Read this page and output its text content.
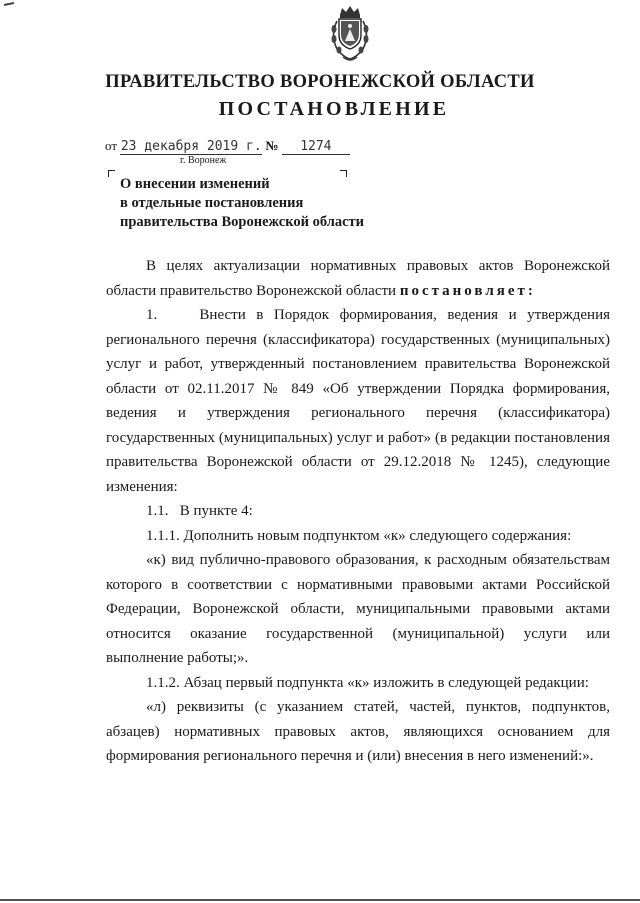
ПРАВИТЕЛЬСТВО ВОРОНЕЖСКОЙ ОБЛАСТИ
ПОСТАНОВЛЕНИЕ
от 23 декабря 2019 г. № 1274
г. Воронеж
О внесении изменений
в отдельные постановления
правительства Воронежской области

В целях актуализации нормативных правовых актов Воронежской

области правительство Воронежской области постановляет:

1.    Внести в Порядок формирования, ведения и утверждения регионального перечня (классификатора) государственных (муниципальных) услуг и работ, утвержденный постановлением правительства Воронежской области от 02.11.2017 № 849 «Об утверждении Порядка формирования, ведения и утверждения регионального перечня (классификатора) государственных (муниципальных) услуг и работ» (в редакции постановления правительства Воронежской области от 29.12.2018 № 1245), следующие изменения:

1.1.   В пункте 4:

1.1.1. Дополнить новым подпунктом «к» следующего содержания:

«к) вид публично-правового образования, к расходным обязательствам которого в соответствии с нормативными правовыми актами Российской Федерации, Воронежской области, муниципальными правовыми актами относится оказание государственной (муниципальной) услуги или выполнение работы;».

1.1.2. Абзац первый подпункта «к» изложить в следующей редакции:

«л) реквизиты (с указанием статей, частей, пунктов, подпунктов, абзацев) нормативных правовых актов, являющихся основанием для формирования регионального перечня и (или) внесения в него изменений:».
